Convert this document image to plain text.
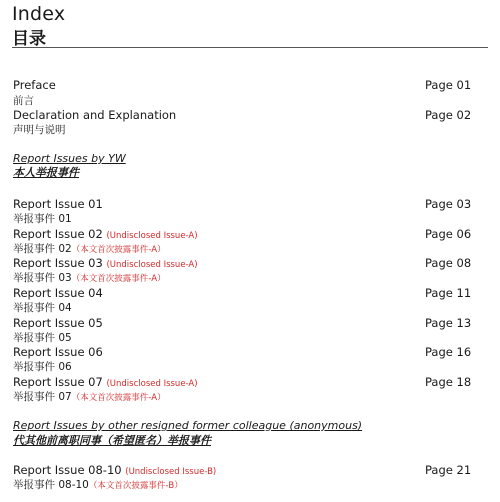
Index
目录
Preface
前言
Page 01
Declaration and Explanation
声明与说明
Page 02
Report Issues by YW
本人举报事件
Report Issue 01
举报事件 01
Page 03
Report Issue 02 (Undisclosed Issue-A)
举报事件 02（本文首次披露事件-A）
Page 06
Report Issue 03 (Undisclosed Issue-A)
举报事件 03（本文首次披露事件-A）
Page 08
Report Issue 04
举报事件 04
Page 11
Report Issue 05
举报事件 05
Page 13
Report Issue 06
举报事件 06
Page 16
Report Issue 07 (Undisclosed Issue-A)
举报事件 07（本文首次披露事件-A）
Page 18
Report Issues by other resigned former colleague (anonymous)
代其他前离职同事（希望匿名）举报事件
Report Issue 08-10 (Undisclosed Issue-B)
举报事件 08-10（本文首次披露事件-B）
Page 21
